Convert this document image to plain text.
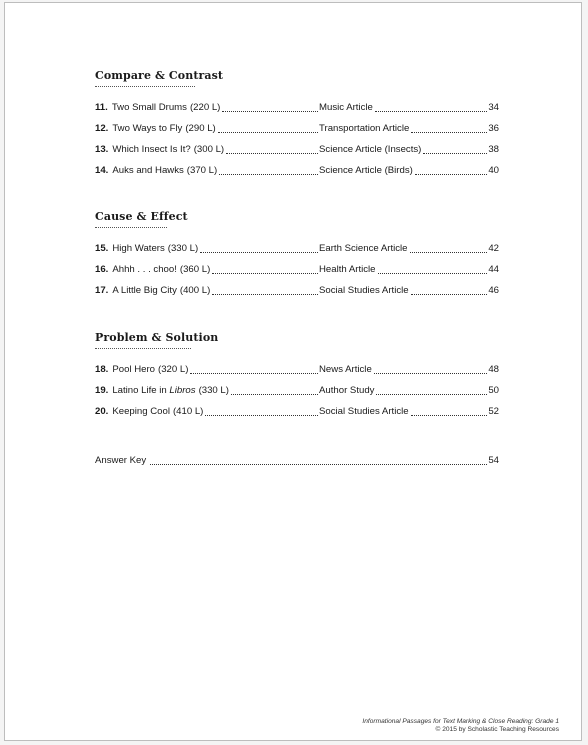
Compare & Contrast
11. Two Small Drums (220 L)	Music Article	34
12. Two Ways to Fly (290 L)	Transportation Article	36
13. Which Insect Is It? (300 L)	Science Article (Insects)	38
14. Auks and Hawks (370 L)	Science Article (Birds)	40
Cause & Effect
15. High Waters (330 L)	Earth Science Article	42
16. Ahhh . . . choo! (360 L)	Health Article	44
17. A Little Big City (400 L)	Social Studies Article	46
Problem & Solution
18. Pool Hero (320 L)	News Article	48
19. Latino Life in Libros (330 L)	Author Study	50
20. Keeping Cool (410 L)	Social Studies Article	52
Answer Key	54
Informational Passages for Text Marking & Close Reading: Grade 1
© 2015 by Scholastic Teaching Resources
